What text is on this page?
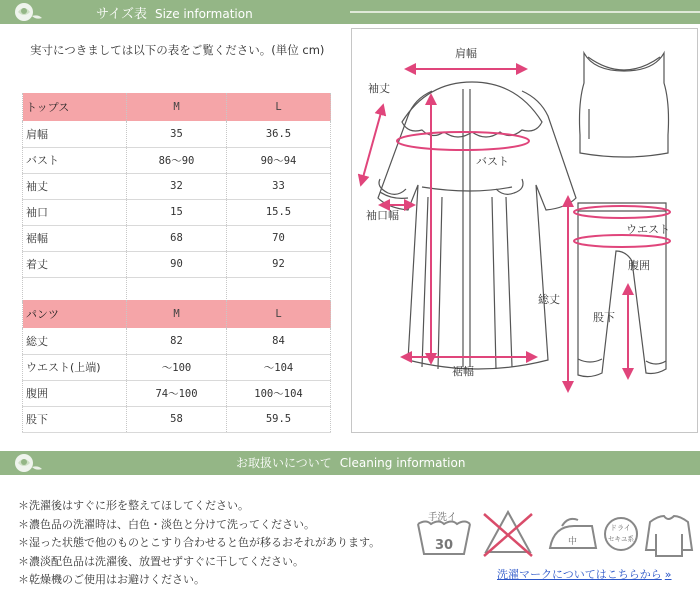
サイズ表 Size information
実寸につきましては以下の表をご覧ください。(単位 cm)
トップス	M	L
肩幅	35	36.5
バスト	86～90	90～94
袖丈	32	33
袖口	15	15.5
裾幅	68	70
着丈	90	92

パンツ	M	L
総丈	82	84
ウエスト(上端)	～100	～104
腹囲	74～100	100～104
股下	58	59.5
肩幅
袖丈
バスト
袖口幅
裾幅
ウエスト
腹囲
総丈
股下
お取扱いについて Cleaning information
＊洗濯後はすぐに形を整えてほしてください。
＊濃色品の洗濯時は、白色・淡色と分けて洗ってください。
＊湿った状態で他のものとこすり合わせると色が移るおそれがあります。
＊濃淡配色品は洗濯後、放置せずすぐに干してください。
＊乾燥機のご使用はお避けください。
手洗イ
30	中
ドライ
セキユ系
洗濯マークについてはこちらから »
